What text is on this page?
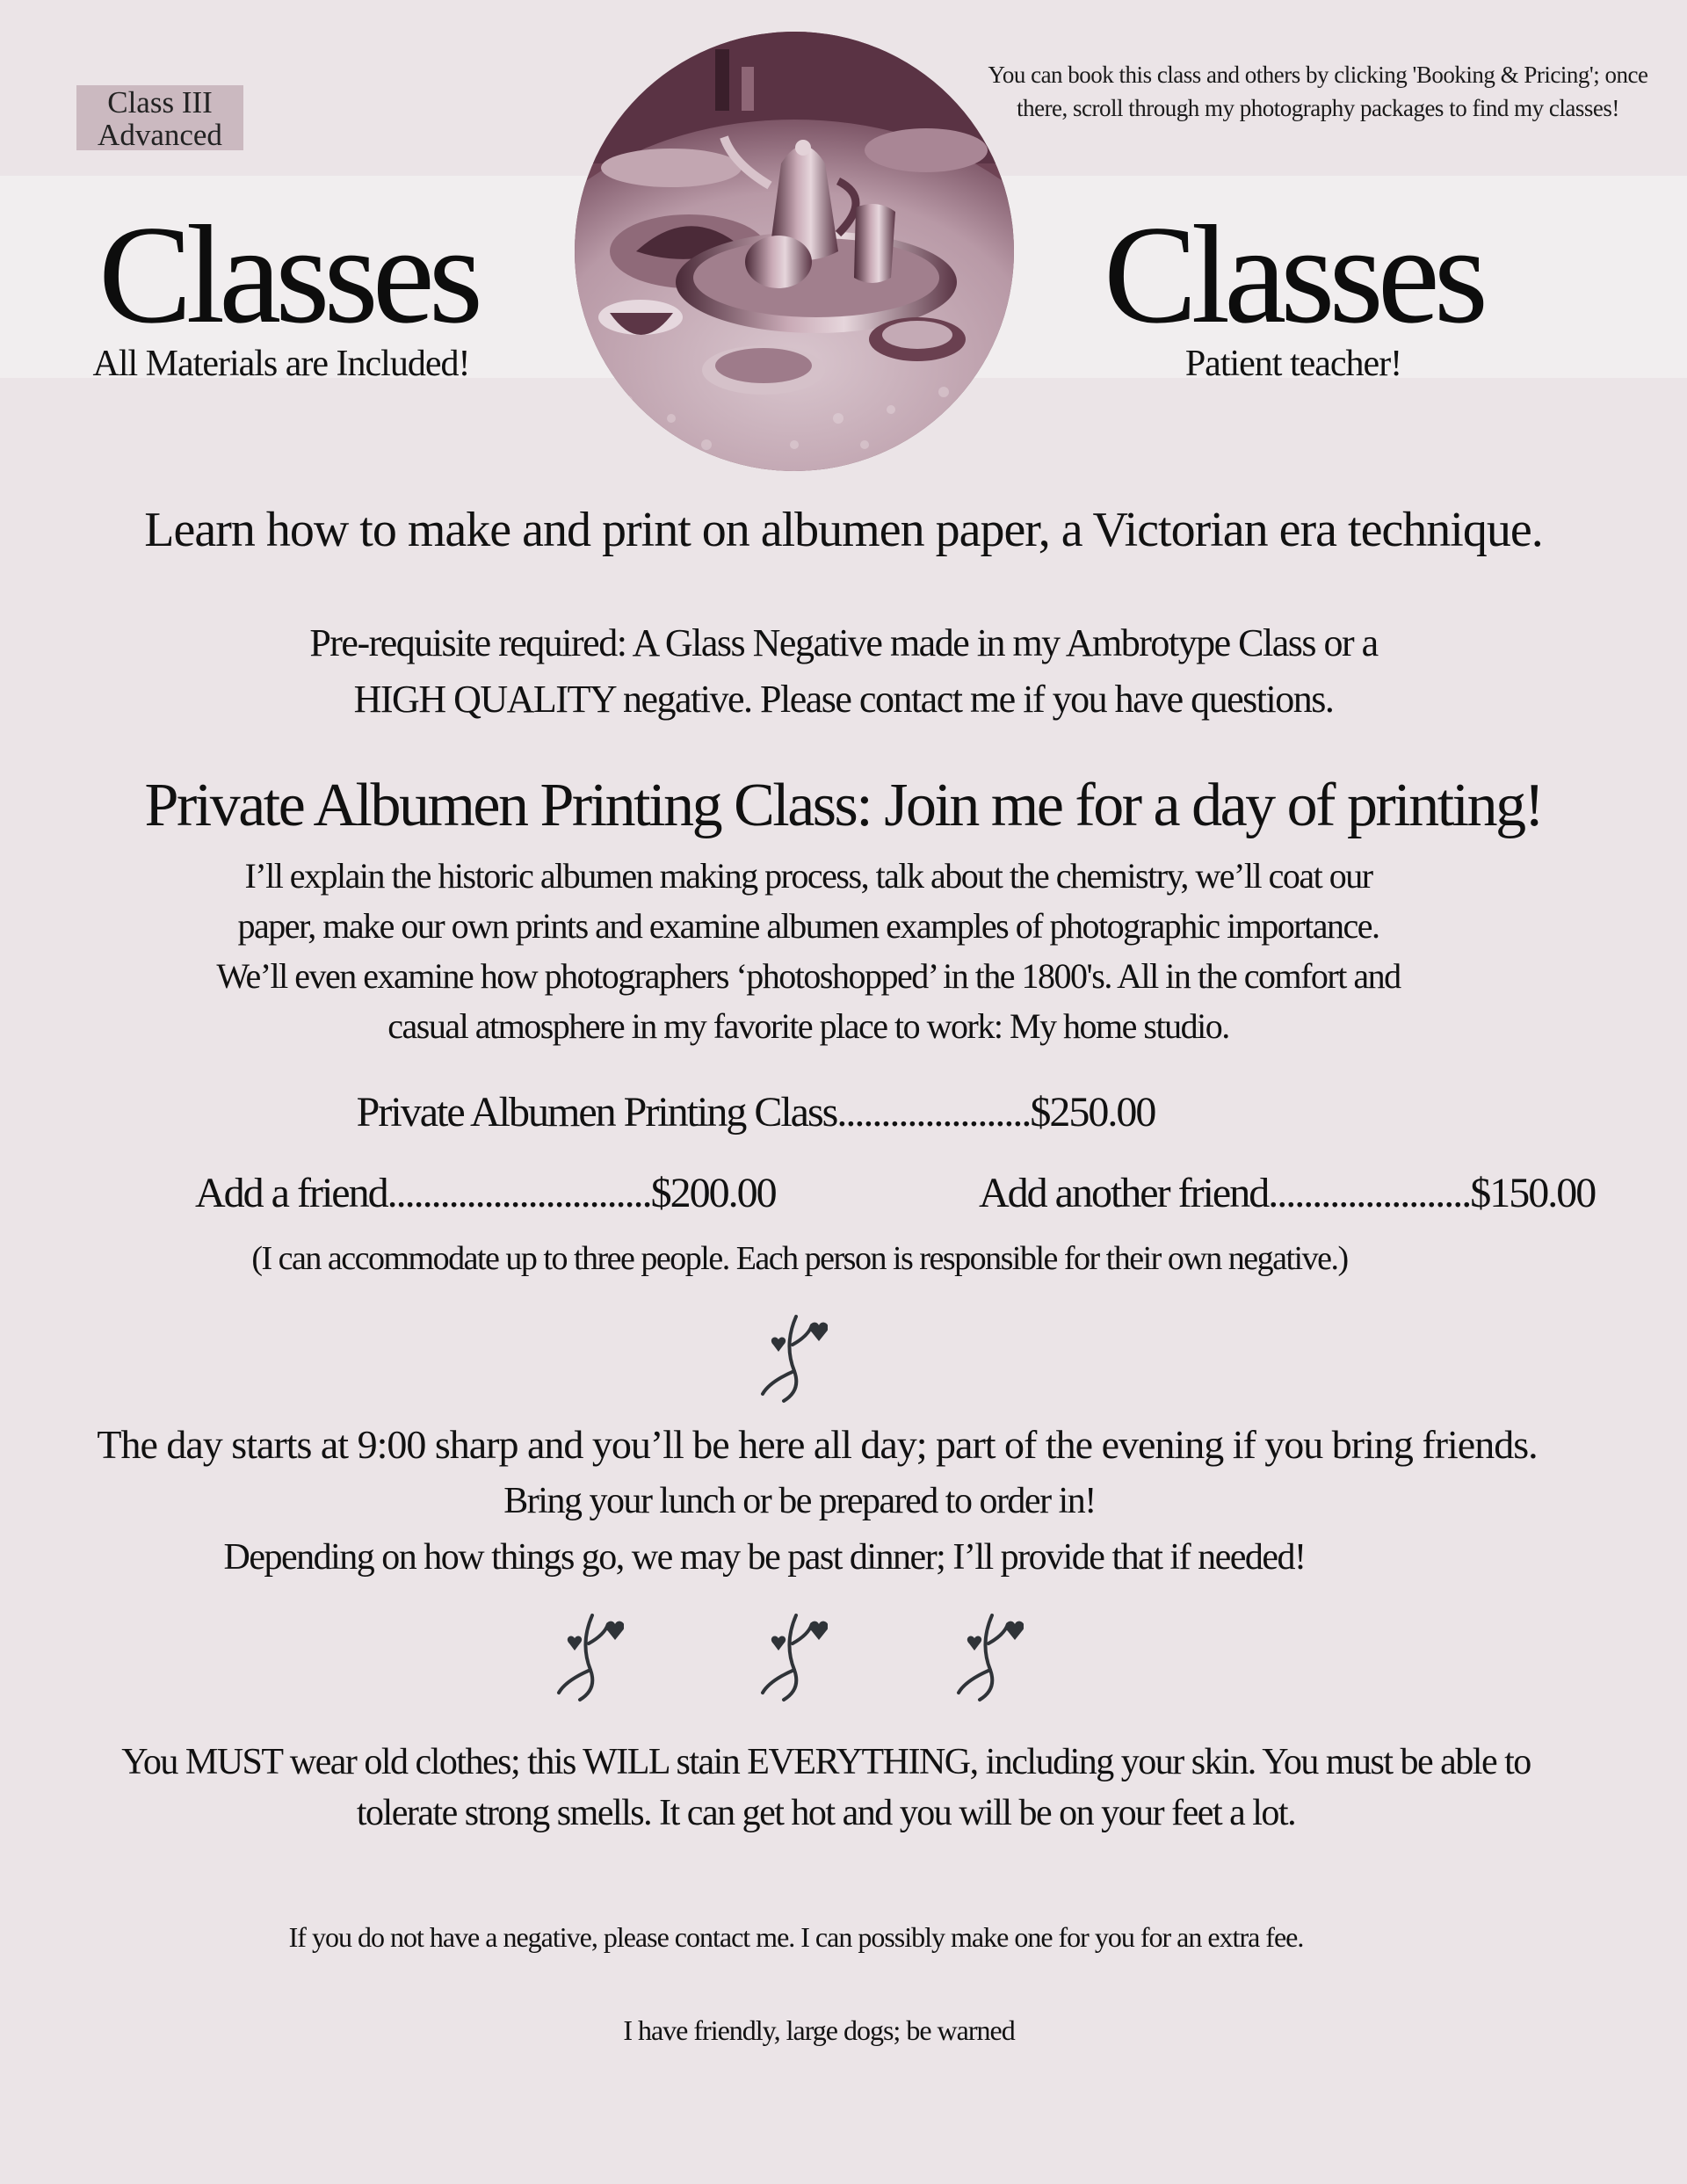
Class III
Advanced
You can book this class and others by clicking 'Booking & Pricing'; once there, scroll through my photography packages to find my classes!
Classes
All Materials are Included!
Classes
Patient teacher!
Learn how to make and print on albumen paper, a Victorian era technique.
Pre-requisite required: A Glass Negative made in my Ambrotype Class or a
HIGH QUALITY negative. Please contact me if you have questions.
Private Albumen Printing Class: Join me for a day of printing!
I’ll explain the historic albumen making process, talk about the chemistry, we’ll coat our
paper, make our own prints and examine albumen examples of photographic importance.
We’ll even examine how photographers ‘photoshopped’ in the 1800's. All in the comfort and
casual atmosphere in my favorite place to work: My home studio.
Private Albumen Printing Class......................$250.00
Add a friend..............................$200.00	Add another friend.......................$150.00
(I can accommodate up to three people. Each person is responsible for their own negative.)
The day starts at 9:00 sharp and you’ll be here all day; part of the evening if you bring friends.
Bring your lunch or be prepared to order in!
Depending on how things go, we may be past dinner; I’ll provide that if needed!
You MUST wear old clothes; this WILL stain EVERYTHING, including your skin. You must be able to
tolerate strong smells. It can get hot and you will be on your feet a lot.
If you do not have a negative, please contact me. I can possibly make one for you for an extra fee.
I have friendly, large dogs; be warned
